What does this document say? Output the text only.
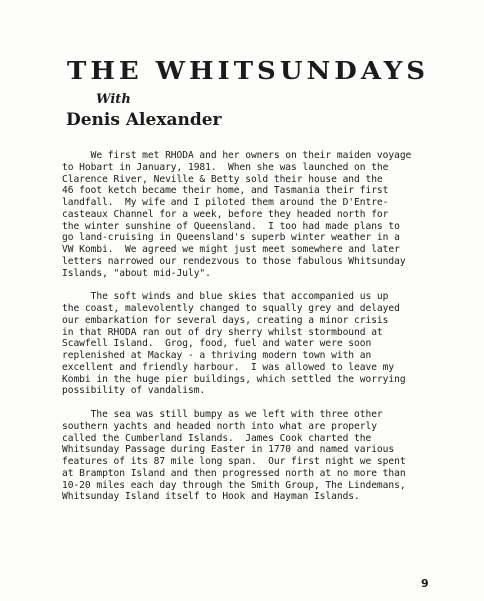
THE WHITSUNDAYS
With
Denis Alexander
We first met RHODA and her owners on their maiden voyage
to Hobart in January, 1981.  When she was launched on the
Clarence River, Neville & Betty sold their house and the
46 foot ketch became their home, and Tasmania their first
landfall.  My wife and I piloted them around the D'Entre-
casteaux Channel for a week, before they headed north for
the winter sunshine of Queensland.  I too had made plans to
go land-cruising in Queensland's superb winter weather in a
VW Kombi.  We agreed we might just meet somewhere and later
letters narrowed our rendezvous to those fabulous Whitsunday
Islands, "about mid-July".
The soft winds and blue skies that accompanied us up
the coast, malevolently changed to squally grey and delayed
our embarkation for several days, creating a minor crisis
in that RHODA ran out of dry sherry whilst stormbound at
Scawfell Island.  Grog, food, fuel and water were soon
replenished at Mackay - a thriving modern town with an
excellent and friendly harbour.  I was allowed to leave my
Kombi in the huge pier buildings, which settled the worrying
possibility of vandalism.
The sea was still bumpy as we left with three other
southern yachts and headed north into what are properly
called the Cumberland Islands.  James Cook charted the
Whitsunday Passage during Easter in 1770 and named various
features of its 87 mile long span.  Our first night we spent
at Brampton Island and then progressed north at no more than
10-20 miles each day through the Smith Group, The Lindemans,
Whitsunday Island itself to Hook and Hayman Islands.
9
